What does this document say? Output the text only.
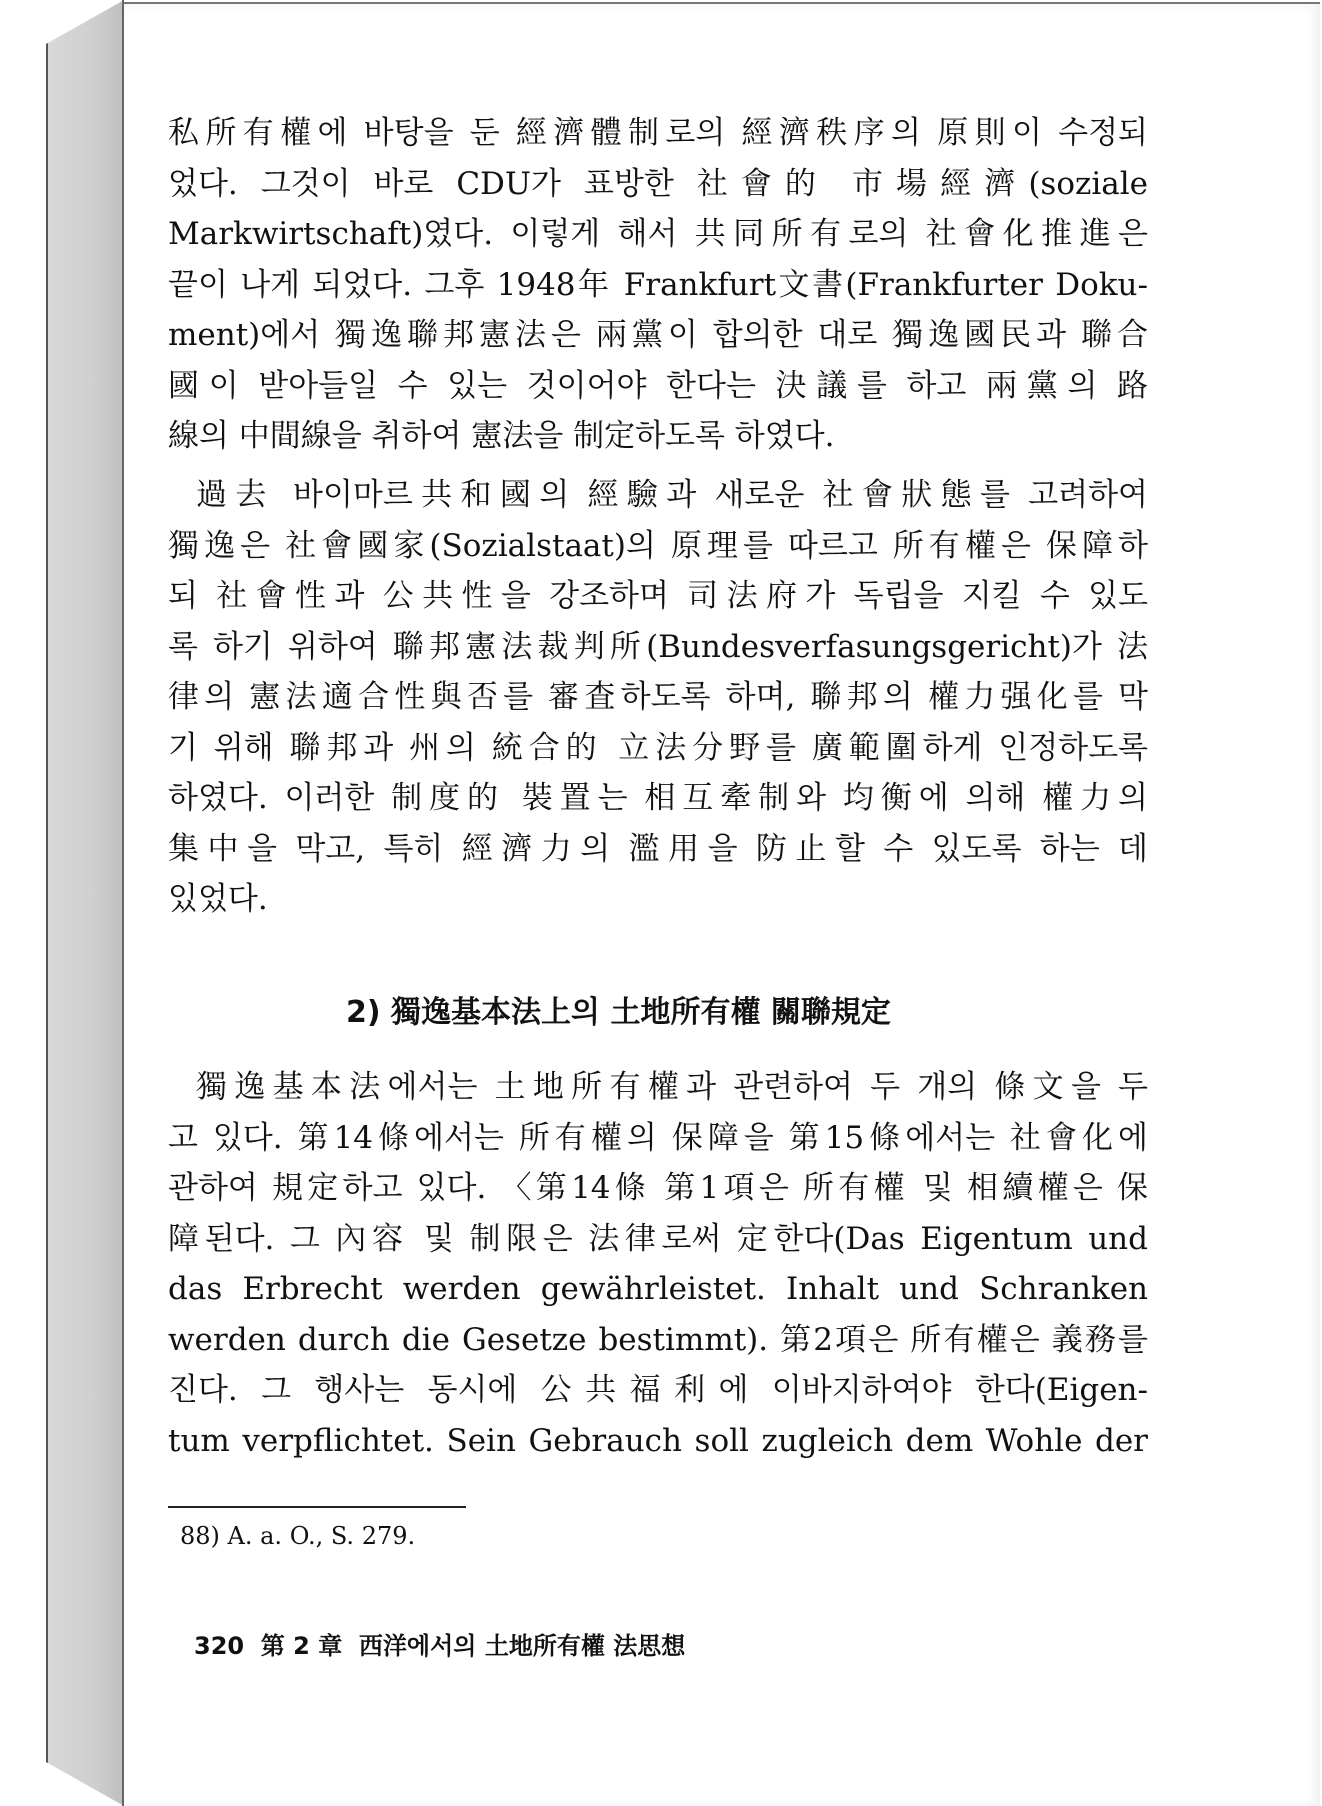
私所有權에 바탕을 둔 經濟體制로의 經濟秩序의 原則이 수정되
었다. 그것이 바로 CDU가 표방한 社會的 市場經濟(soziale
Markwirtschaft)였다. 이렇게 해서 共同所有로의 社會化推進은
끝이 나게 되었다. 그후 1948年 Frankfurt文書(Frankfurter Doku-
ment)에서 獨逸聯邦憲法은 兩黨이 합의한 대로 獨逸國民과 聯合
國이 받아들일 수 있는 것이어야 한다는 決議를 하고 兩黨의 路
線의 中間線을 취하여 憲法을 制定하도록 하였다.
過去 바이마르共和國의 經驗과 새로운 社會狀態를 고려하여
獨逸은 社會國家(Sozialstaat)의 原理를 따르고 所有權은 保障하
되 社會性과 公共性을 강조하며 司法府가 독립을 지킬 수 있도
록 하기 위하여 聯邦憲法裁判所(Bundesverfasungsgericht)가 法
律의 憲法適合性與否를 審査하도록 하며, 聯邦의 權力强化를 막
기 위해 聯邦과 州의 統合的 立法分野를 廣範圍하게 인정하도록
하였다. 이러한 制度的 裝置는 相互牽制와 均衡에 의해 權力의
集中을 막고, 특히 經濟力의 濫用을 防止할 수 있도록 하는 데
있었다.

2) 獨逸基本法上의 土地所有權 關聯規定

獨逸基本法에서는 土地所有權과 관련하여 두 개의 條文을 두
고 있다. 第14條에서는 所有權의 保障을 第15條에서는 社會化에
관하여 規定하고 있다. 〈第14條 第1項은 所有權 및 相續權은 保
障된다. 그 內容 및 制限은 法律로써 定한다(Das Eigentum und
das Erbrecht werden gewährleistet. Inhalt und Schranken
werden durch die Gesetze bestimmt). 第2項은 所有權은 義務를
진다. 그 행사는 동시에 公共福利에 이바지하여야 한다(Eigen-
tum verpflichtet. Sein Gebrauch soll zugleich dem Wohle der
88) A. a. O., S. 279.
320  第 2 章  西洋에서의 土地所有權 法思想
